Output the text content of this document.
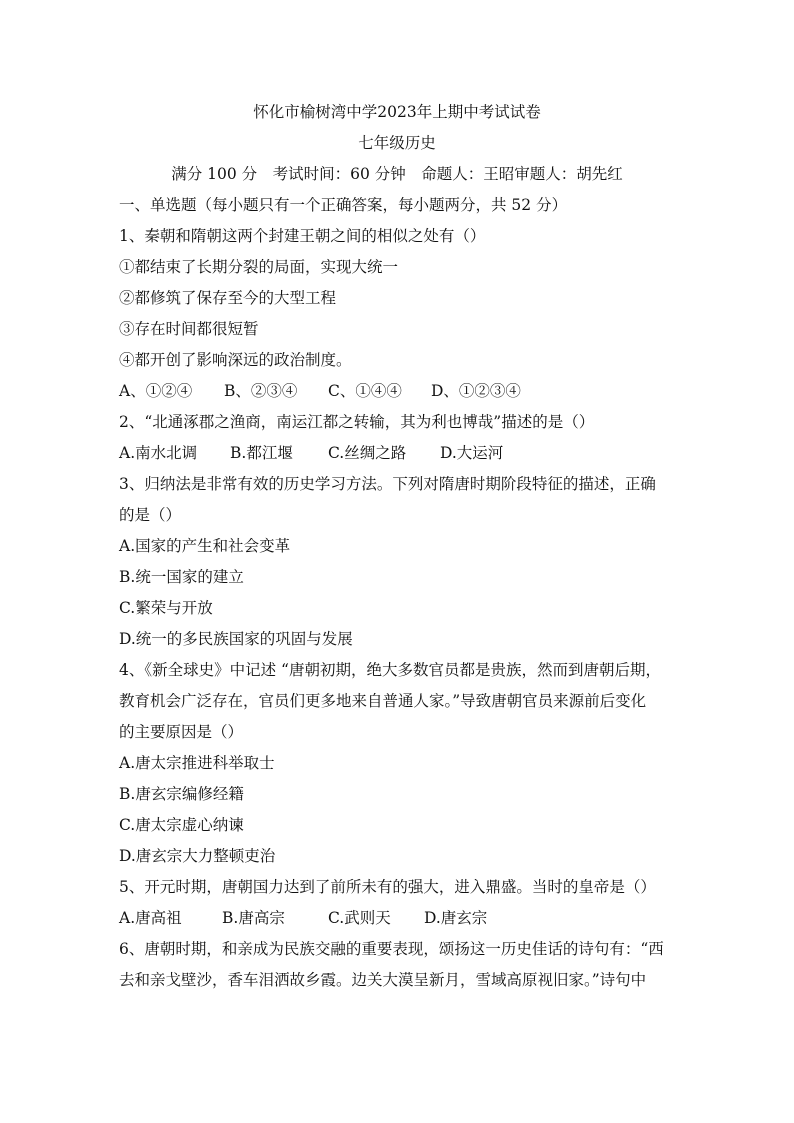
怀化市榆树湾中学2023年上期中考试试卷
七年级历史
满分 100 分　考试时间：60 分钟　命题人：王昭审题人：胡先红
一、单选题（每小题只有一个正确答案，每小题两分，共 52 分）
1、秦朝和隋朝这两个封建王朝之间的相似之处有（）
①都结束了长期分裂的局面，实现大统一
②都修筑了保存至今的大型工程
③存在时间都很短暂
④都开创了影响深远的政治制度。
A、①②④ B、②③④ C、①④④ D、①②③④
2、“北通涿郡之渔商，南运江都之转输，其为利也博哉”描述的是（）
A.南水北调 B.都江堰 C.丝绸之路 D.大运河
3、归纳法是非常有效的历史学习方法。下列对隋唐时期阶段特征的描述，正确
的是（）
A.国家的产生和社会变革
B.统一国家的建立
C.繁荣与开放
D.统一的多民族国家的巩固与发展
4、《新全球史》中记述 “唐朝初期，绝大多数官员都是贵族，然而到唐朝后期，
教育机会广泛存在，官员们更多地来自普通人家。”导致唐朝官员来源前后变化
的主要原因是（）
A.唐太宗推进科举取士
B.唐玄宗编修经籍
C.唐太宗虚心纳谏
D.唐玄宗大力整顿吏治
5、开元时期，唐朝国力达到了前所未有的强大，进入鼎盛。当时的皇帝是（）
A.唐高祖	B.唐高宗	C.武则天 D.唐玄宗
6、唐朝时期，和亲成为民族交融的重要表现，颂扬这一历史佳话的诗句有：“西
去和亲戈壁沙，香车泪洒故乡霞。边关大漠呈新月，雪域高原视旧家。”诗句中
